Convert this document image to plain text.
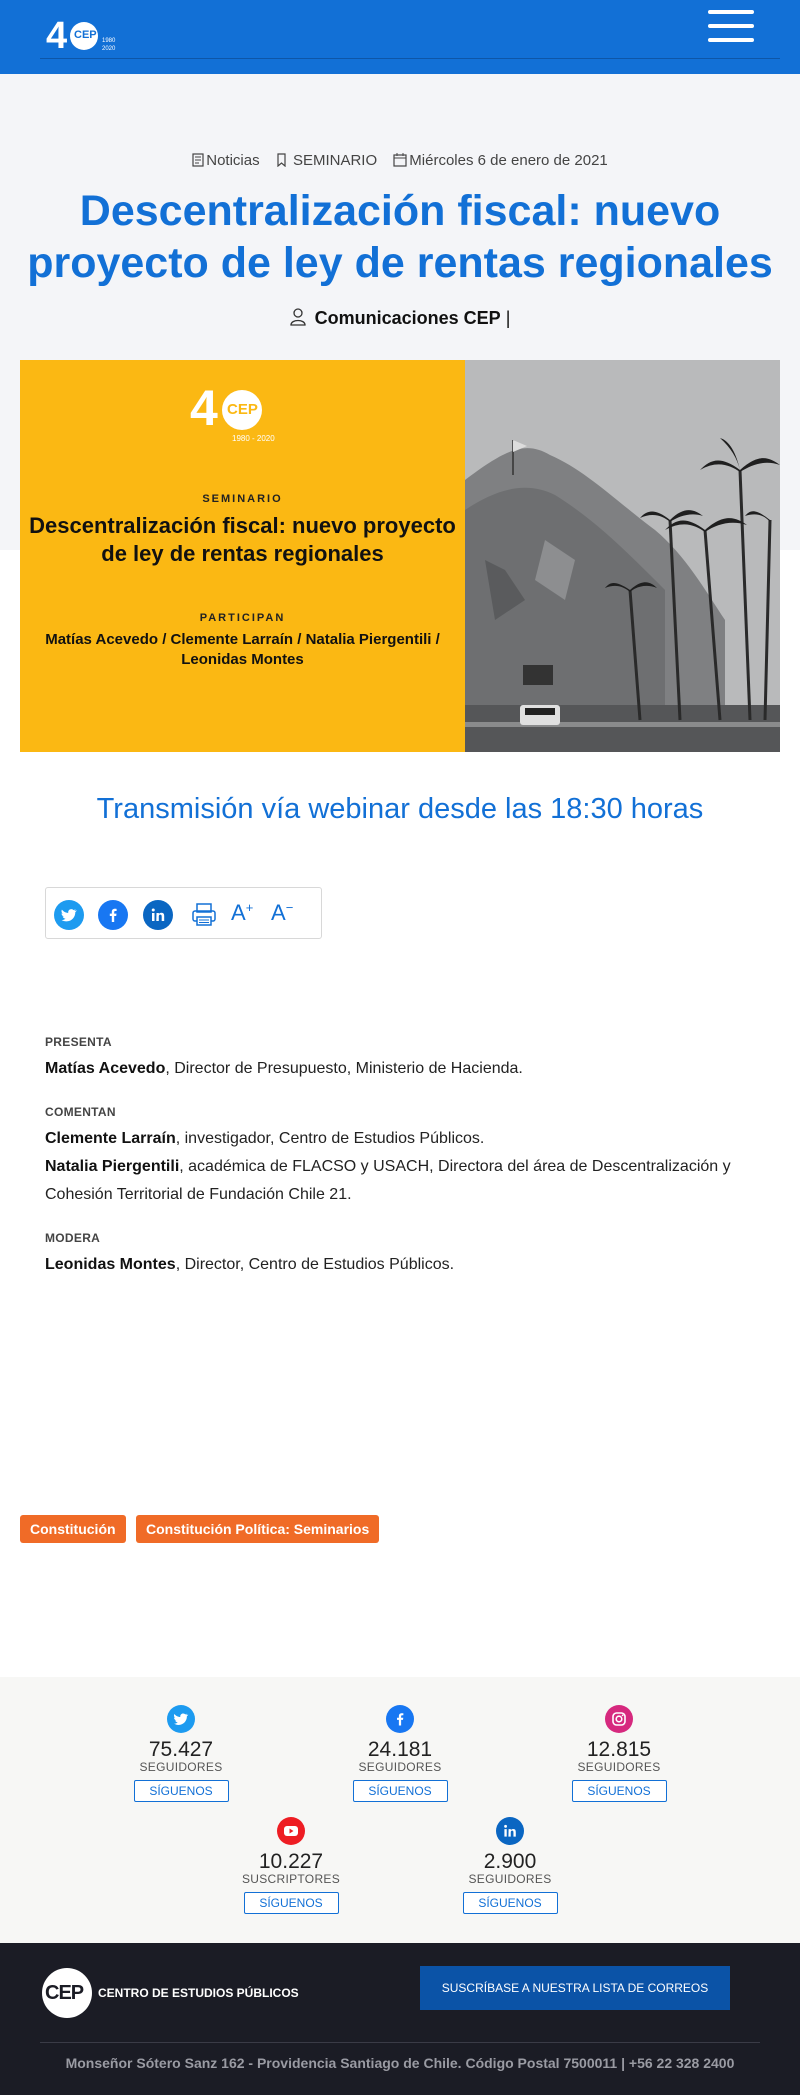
4 CEP 1980
2020
Noticias SEMINARIO Miércoles 6 de enero de 2021
Descentralización fiscal: nuevo proyecto de ley de rentas regionales
Comunicaciones CEP |
4 CEP
1980 - 2020
SEMINARIO
Descentralización fiscal: nuevo proyecto de ley de rentas regionales
PARTICIPAN
Matías Acevedo / Clemente Larraín / Natalia Piergentili / Leonidas Montes
Transmisión vía webinar desde las 18:30 horas
A+ A−
PRESENTA

Matías Acevedo, Director de Presupuesto, Ministerio de Hacienda.

COMENTAN

Clemente Larraín, investigador, Centro de Estudios Públicos.

Natalia Piergentili, académica de FLACSO y USACH, Directora del área de Descentralización y Cohesión Territorial de Fundación Chile 21.

MODERA

Leonidas Montes, Director, Centro de Estudios Públicos.

Constitución Constitución Política: Seminarios
75.427
SEGUIDORES
SÍGUENOS
24.181
SEGUIDORES
SÍGUENOS
12.815
SEGUIDORES
SÍGUENOS
10.227
SUSCRIPTORES
SÍGUENOS
2.900
SEGUIDORES
SÍGUENOS
CEP CENTRO DE ESTUDIOS PÚBLICOS	SUSCRÍBASE A NUESTRA LISTA DE CORREOS
Monseñor Sótero Sanz 162 - Providencia Santiago de Chile. Código Postal 7500011 | +56 22 328 2400
